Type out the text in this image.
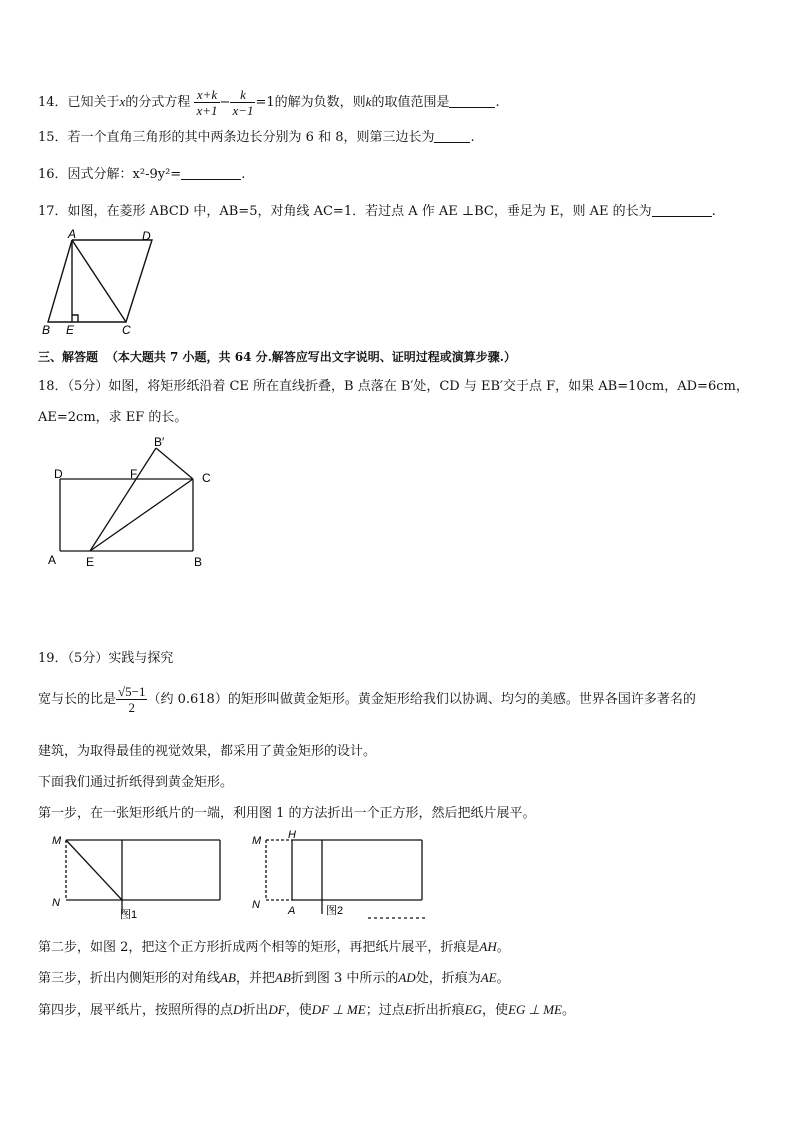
14．已知关于x的分式方程 $\frac{x+k}{x+1} - \frac{k}{x-1} =1$的解为负数，则k的取值范围是	.
15．若一个直角三角形的其中两条边长分别为 6 和 8，则第三边长为	.
16．因式分解：x²-9y²=	.
17．如图，在菱形 ABCD 中，AB=5，对角线 AC=1．若过点 A 作 AE ⊥BC，垂足为 E，则 AE 的长为	.
A	D
B E	C
三、解答题 （本大题共 7 小题，共 64 分.解答应写出文字说明、证明过程或演算步骤.）
18．（5分）如图，将矩形纸沿着 CE 所在直线折叠，B 点落在 B′处，CD 与 EB′交于点 F，如果 AB=10cm，AD=6cm，
AE=2cm，求 EF 的长。
B′
D	F	C
A E	B
19．（5分）实践与探究
宽与长的比是 $\frac{√5-1}{2}$ （约 0.618）的矩形叫做黄金矩形。黄金矩形给我们以协调、均匀的美感。世界各国许多著名的
建筑，为取得最佳的视觉效果，都采用了黄金矩形的设计。
下面我们通过折纸得到黄金矩形。
第一步，在一张矩形纸片的一端，利用图 1 的方法折出一个正方形，然后把纸片展平。
M
N
图1
M
N
H
A	图2
第二步，如图 2，把这个正方形折成两个相等的矩形，再把纸片展平，折痕是AH。
第三步，折出内侧矩形的对角线AB，并把AB折到图 3 中所示的AD处，折痕为AE。
第四步，展平纸片，按照所得的点D折出DF，使DF ⊥ ME；过点E折出折痕EG，使EG ⊥ ME。
